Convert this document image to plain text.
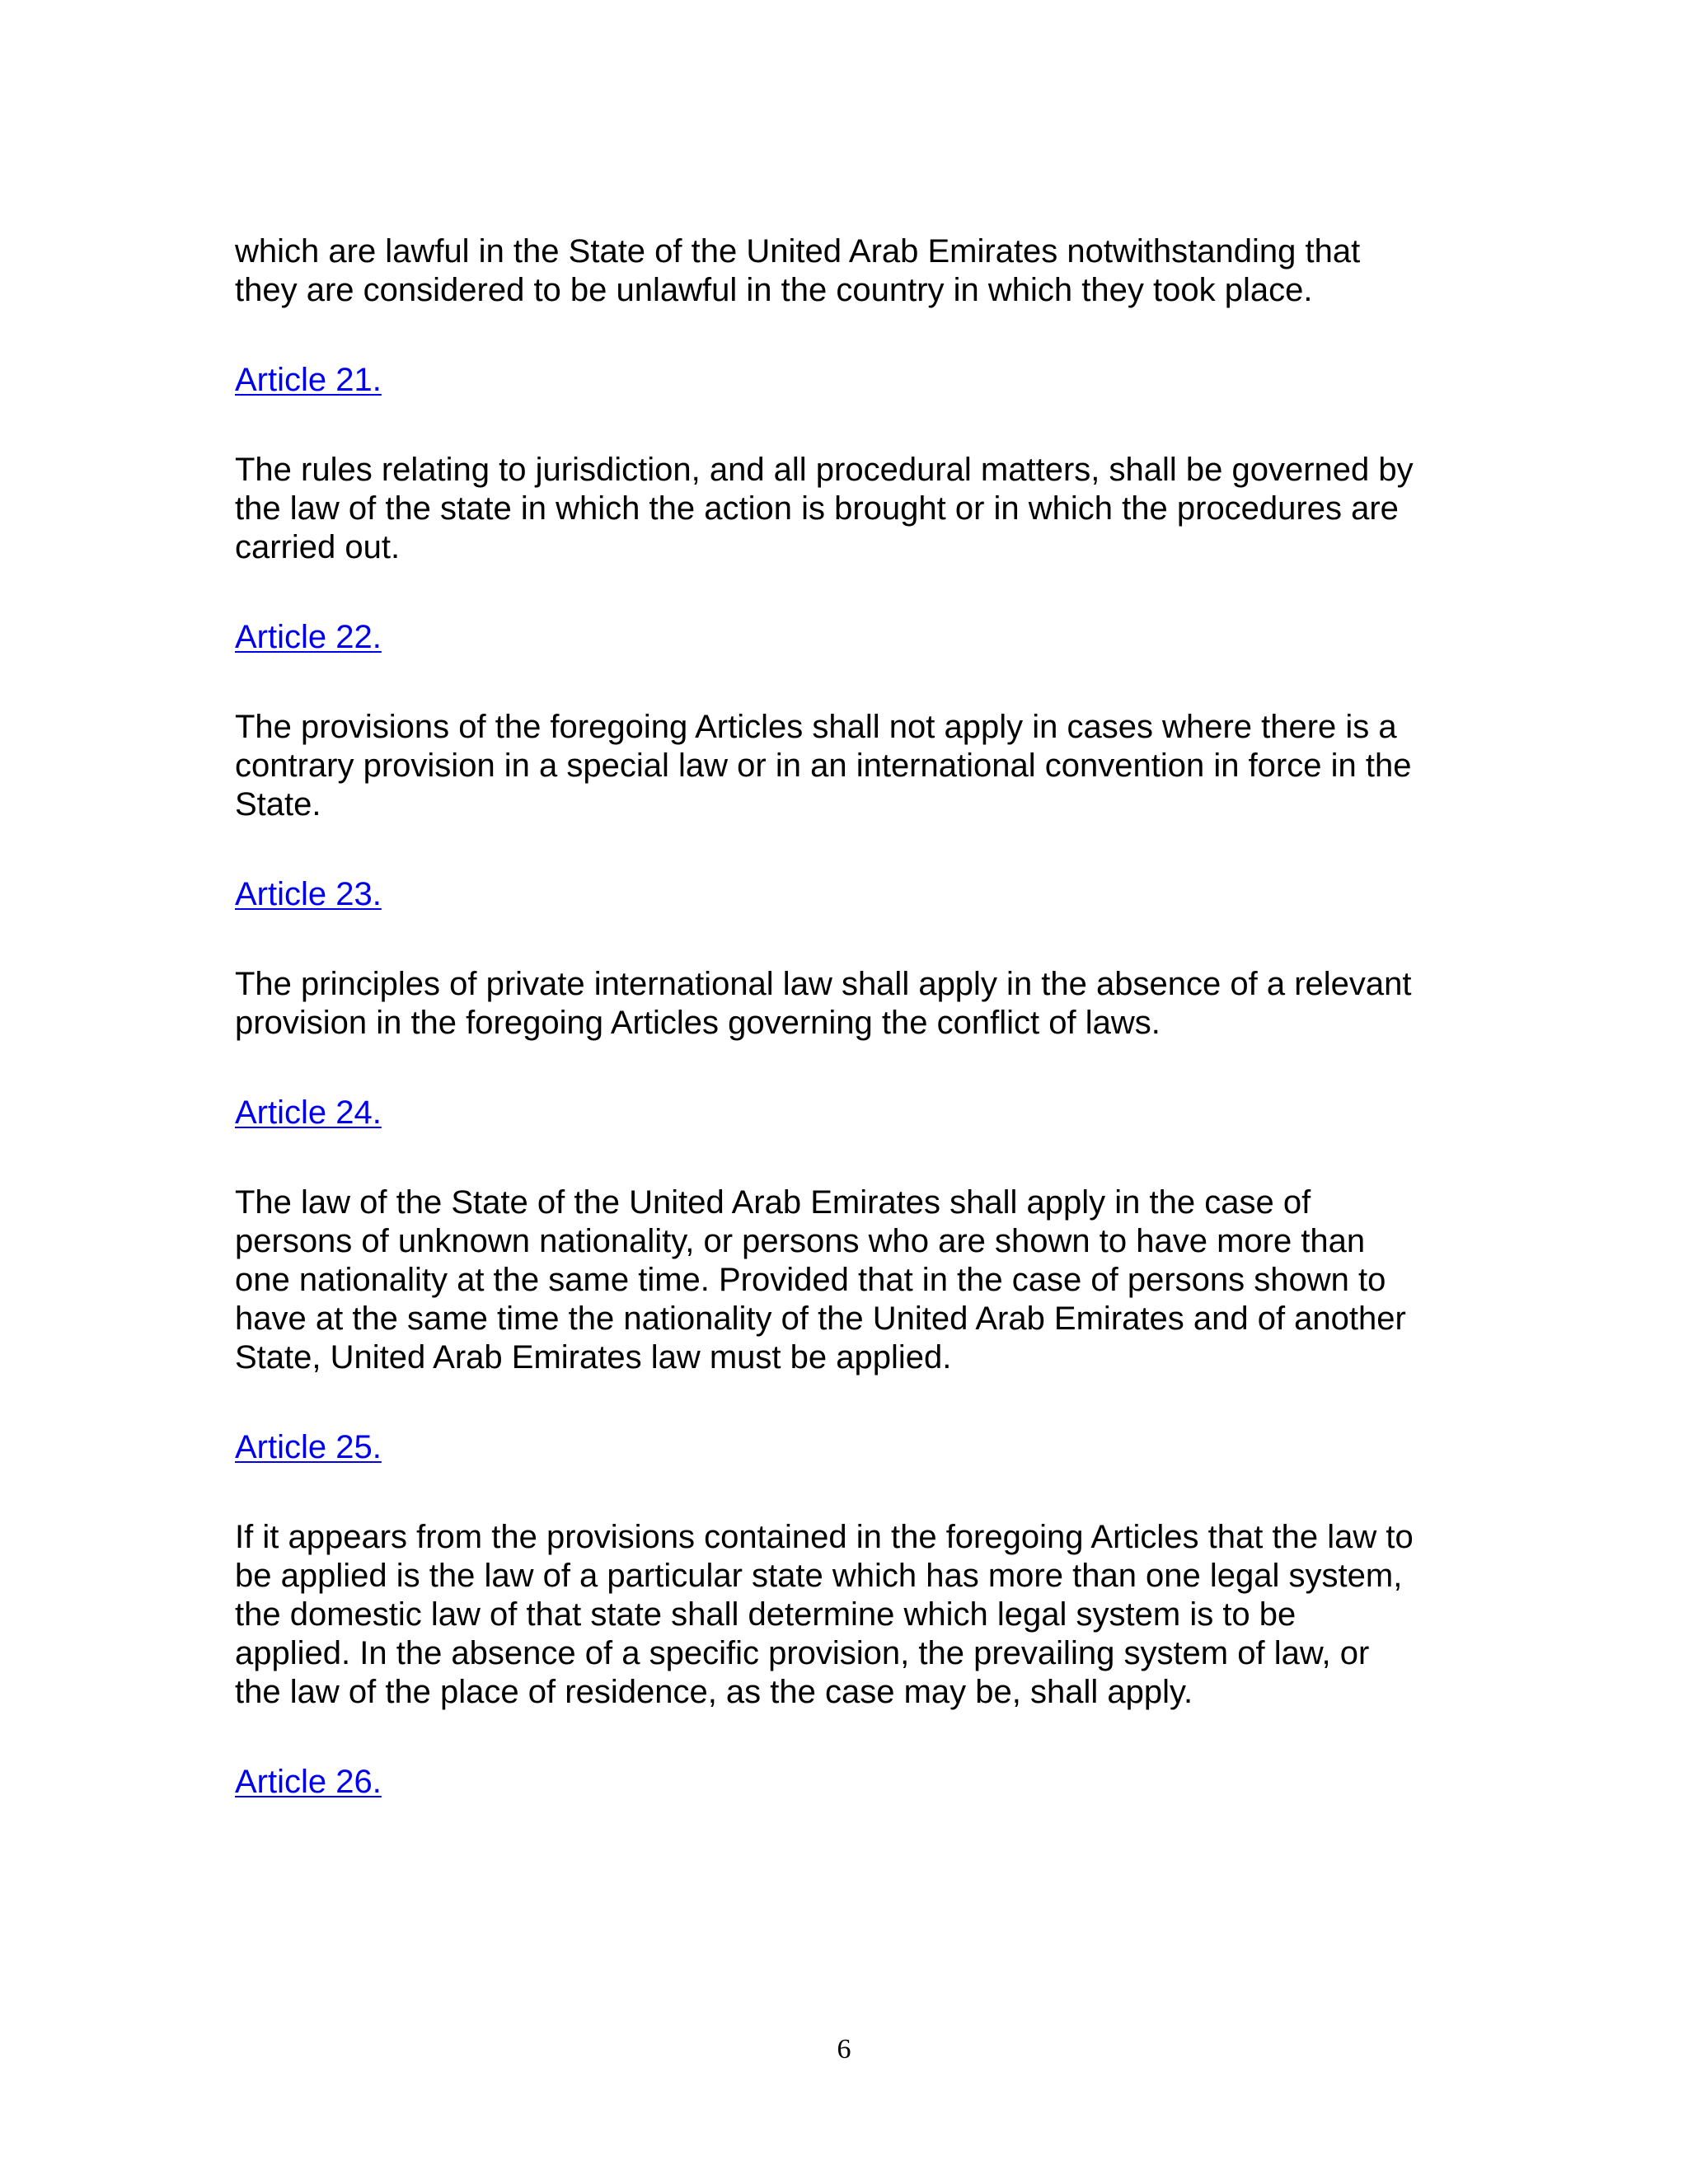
which are lawful in the State of the United Arab Emirates notwithstanding that
they are considered to be unlawful in the country in which they took place.
Article 21.
The rules relating to jurisdiction, and all procedural matters, shall be governed by
the law of the state in which the action is brought or in which the procedures are
carried out.
Article 22.
The provisions of the foregoing Articles shall not apply in cases where there is a
contrary provision in a special law or in an international convention in force in the
State.
Article 23.
The principles of private international law shall apply in the absence of a relevant
provision in the foregoing Articles governing the conflict of laws.
Article 24.
The law of the State of the United Arab Emirates shall apply in the case of
persons of unknown nationality, or persons who are shown to have more than
one nationality at the same time. Provided that in the case of persons shown to
have at the same time the nationality of the United Arab Emirates and of another
State, United Arab Emirates law must be applied.
Article 25.
If it appears from the provisions contained in the foregoing Articles that the law to
be applied is the law of a particular state which has more than one legal system,
the domestic law of that state shall determine which legal system is to be
applied. In the absence of a specific provision, the prevailing system of law, or
the law of the place of residence, as the case may be, shall apply.
Article 26.
6
